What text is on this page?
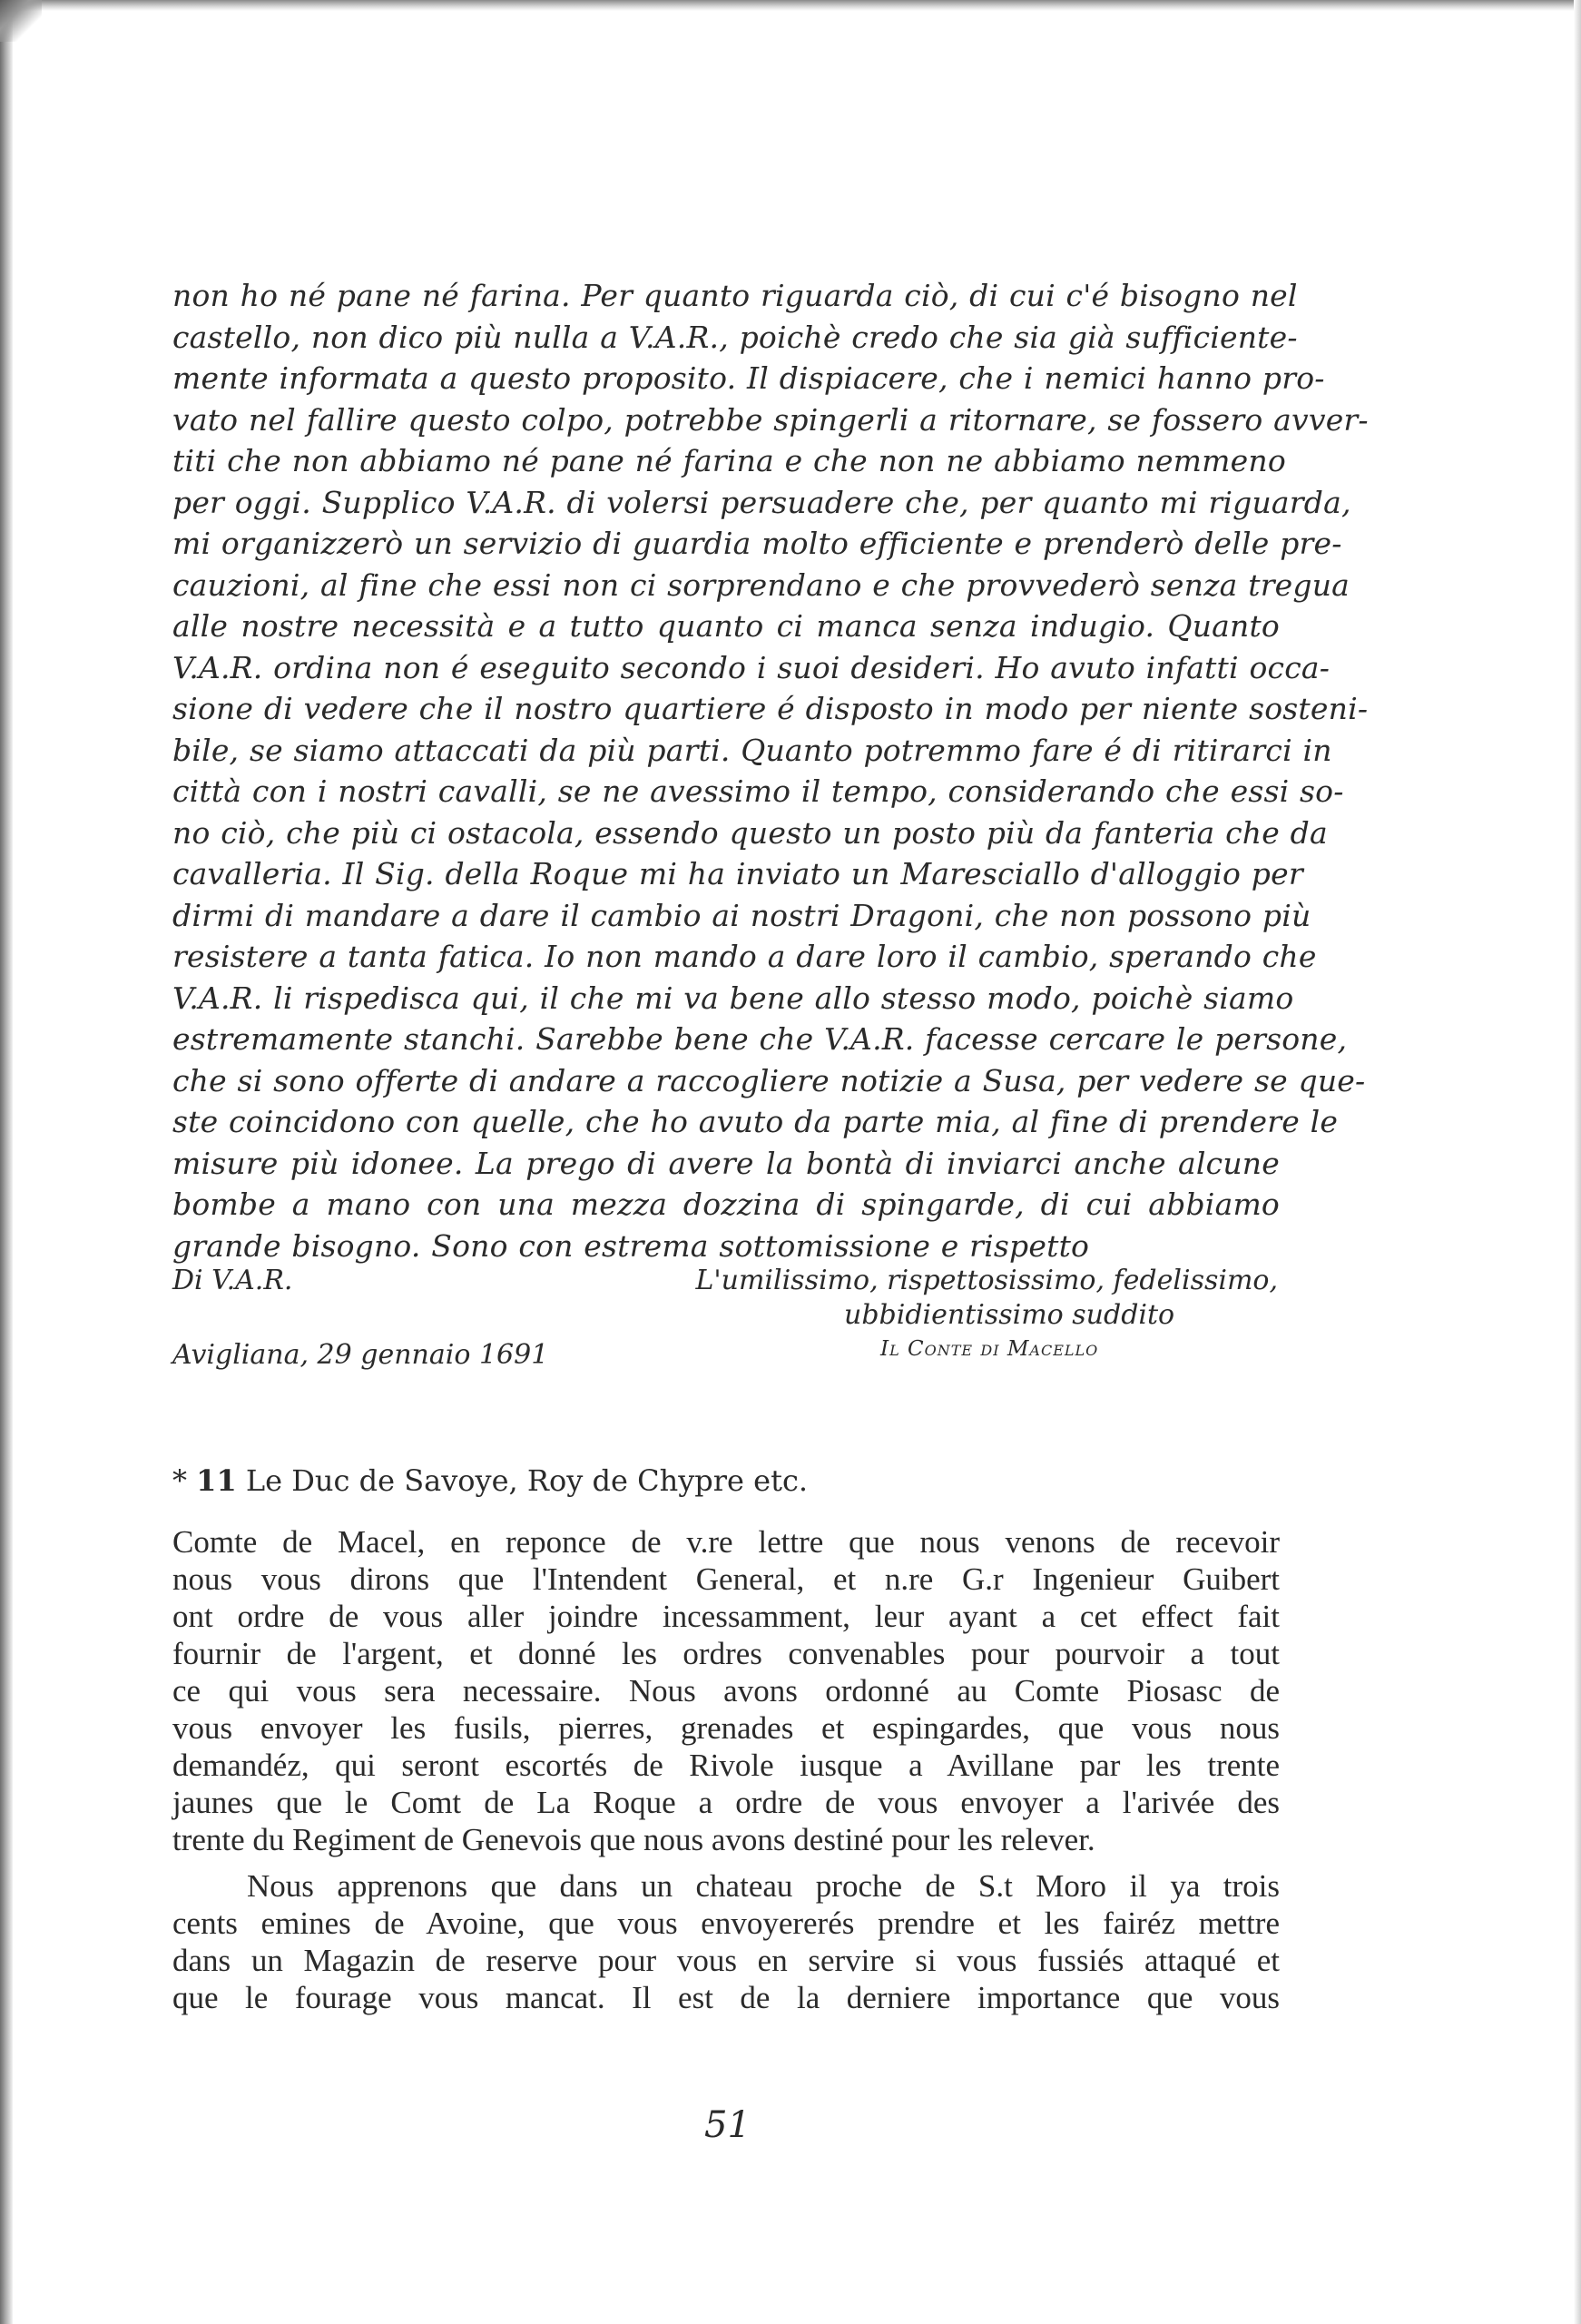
non ho né pane né farina. Per quanto riguarda ciò, di cui c'é bisogno nel
castello, non dico più nulla a V.A.R., poichè credo che sia già sufficiente-
mente informata a questo proposito. Il dispiacere, che i nemici hanno pro-
vato nel fallire questo colpo, potrebbe spingerli a ritornare, se fossero avver-
titi che non abbiamo né pane né farina e che non ne abbiamo nemmeno
per oggi. Supplico V.A.R. di volersi persuadere che, per quanto mi riguarda,
mi organizzerò un servizio di guardia molto efficiente e prenderò delle pre-
cauzioni, al fine che essi non ci sorprendano e che provvederò senza tregua
alle nostre necessità e a tutto quanto ci manca senza indugio. Quanto
V.A.R. ordina non é eseguito secondo i suoi desideri. Ho avuto infatti occa-
sione di vedere che il nostro quartiere é disposto in modo per niente sosteni-
bile, se siamo attaccati da più parti. Quanto potremmo fare é di ritirarci in
città con i nostri cavalli, se ne avessimo il tempo, considerando che essi so-
no ciò, che più ci ostacola, essendo questo un posto più da fanteria che da
cavalleria. Il Sig. della Roque mi ha inviato un Maresciallo d'alloggio per
dirmi di mandare a dare il cambio ai nostri Dragoni, che non possono più
resistere a tanta fatica. Io non mando a dare loro il cambio, sperando che
V.A.R. li rispedisca qui, il che mi va bene allo stesso modo, poichè siamo
estremamente stanchi. Sarebbe bene che V.A.R. facesse cercare le persone,
che si sono offerte di andare a raccogliere notizie a Susa, per vedere se que-
ste coincidono con quelle, che ho avuto da parte mia, al fine di prendere le
misure più idonee. La prego di avere la bontà di inviarci anche alcune
bombe a mano con una mezza dozzina di spingarde, di cui abbiamo
grande bisogno. Sono con estrema sottomissione e rispetto

Di V.A.R.

Avigliana, 29 gennaio 1691

L'umilissimo, rispettosissimo, fedelissimo,

ubbidientissimo suddito

Il Conte di Macello

* 11 Le Duc de Savoye, Roy de Chypre etc.
Comte de Macel, en reponce de v.re lettre que nous venons de recevoir
nous vous dirons que l'Intendent General, et n.re G.r Ingenieur Guibert
ont ordre de vous aller joindre incessamment, leur ayant a cet effect fait
fournir de l'argent, et donné les ordres convenables pour pourvoir a tout
ce qui vous sera necessaire. Nous avons ordonné au Comte Piosasc de
vous envoyer les fusils, pierres, grenades et espingardes, que vous nous
demandéz, qui seront escortés de Rivole iusque a Avillane par les trente
jaunes que le Comt de La Roque a ordre de vous envoyer a l'arivée des
trente du Regiment de Genevois que nous avons destiné pour les relever.
Nous apprenons que dans un chateau proche de S.t Moro il ya trois
cents emines de Avoine, que vous envoyererés prendre et les fairéz mettre
dans un Magazin de reserve pour vous en servire si vous fussiés attaqué et
que le fourage vous mancat. Il est de la derniere importance que vous

51
